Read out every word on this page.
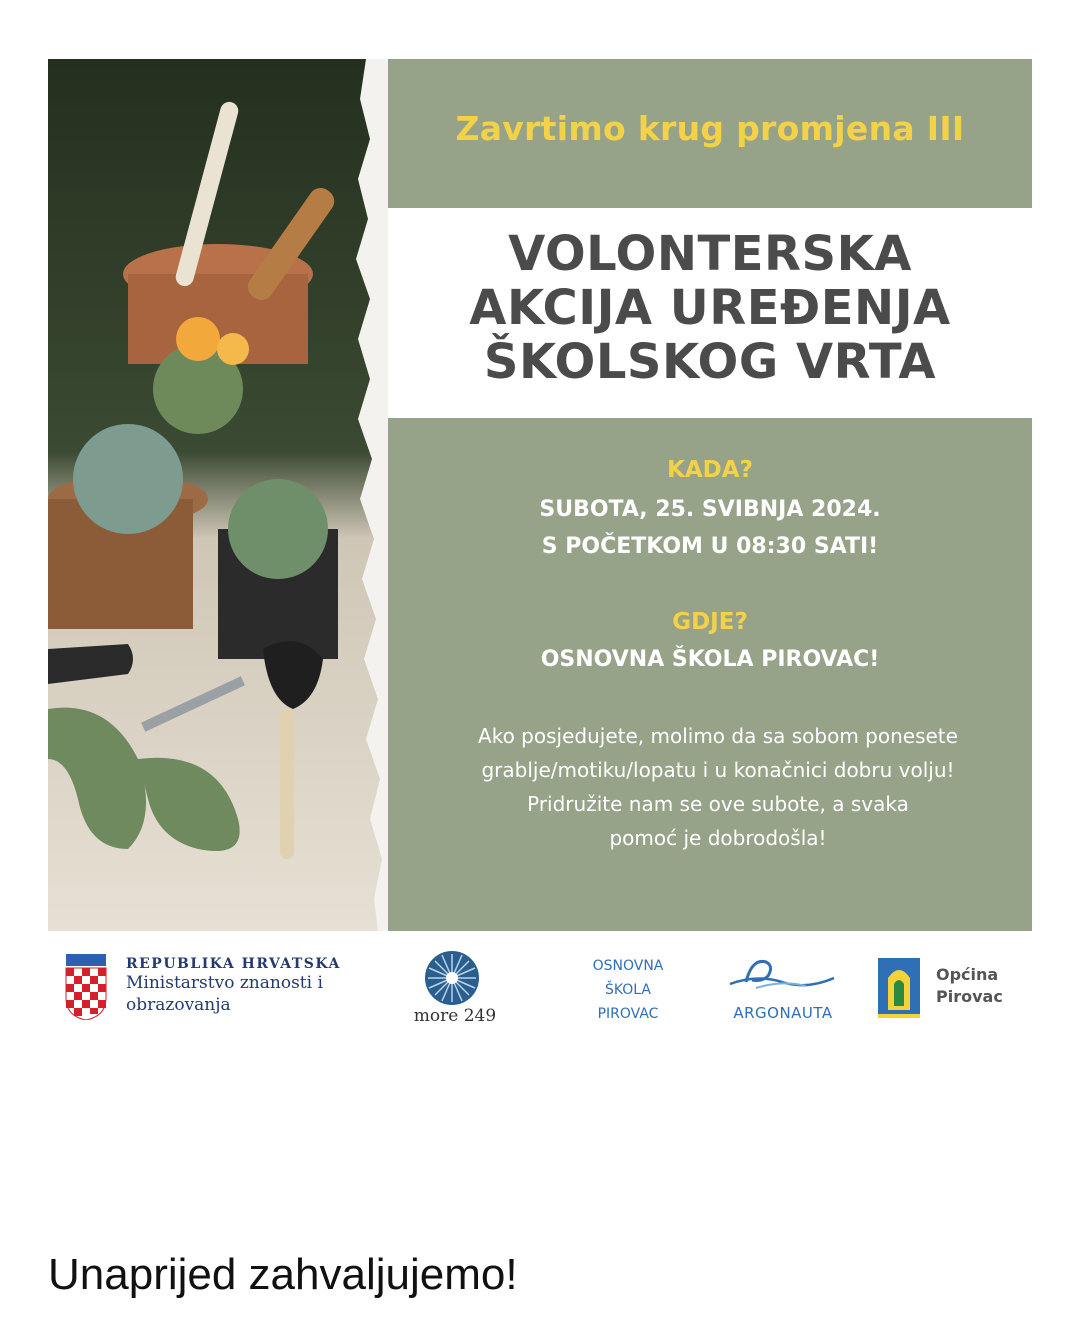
Zavrtimo krug promjena III
VOLONTERSKA
AKCIJA UREĐENJA
ŠKOLSKOG VRTA
KADA?
SUBOTA, 25. SVIBNJA 2024.
S POČETKOM U 08:30 SATI!
GDJE?
OSNOVNA ŠKOLA PIROVAC!
Ako posjedujete, molimo da sa sobom ponesete
grablje/motiku/lopatu i u konačnici dobru volju!
Pridružite nam se ove subote, a svaka
pomoć je dobrodošla!
REPUBLIKA HRVATSKA
Ministarstvo znanosti i
obrazovanja
more 249
OSNOVNA
ŠKOLA
PIROVAC	ARGONAUTA
Općina
Pirovac
Unaprijed zahvaljujemo!
